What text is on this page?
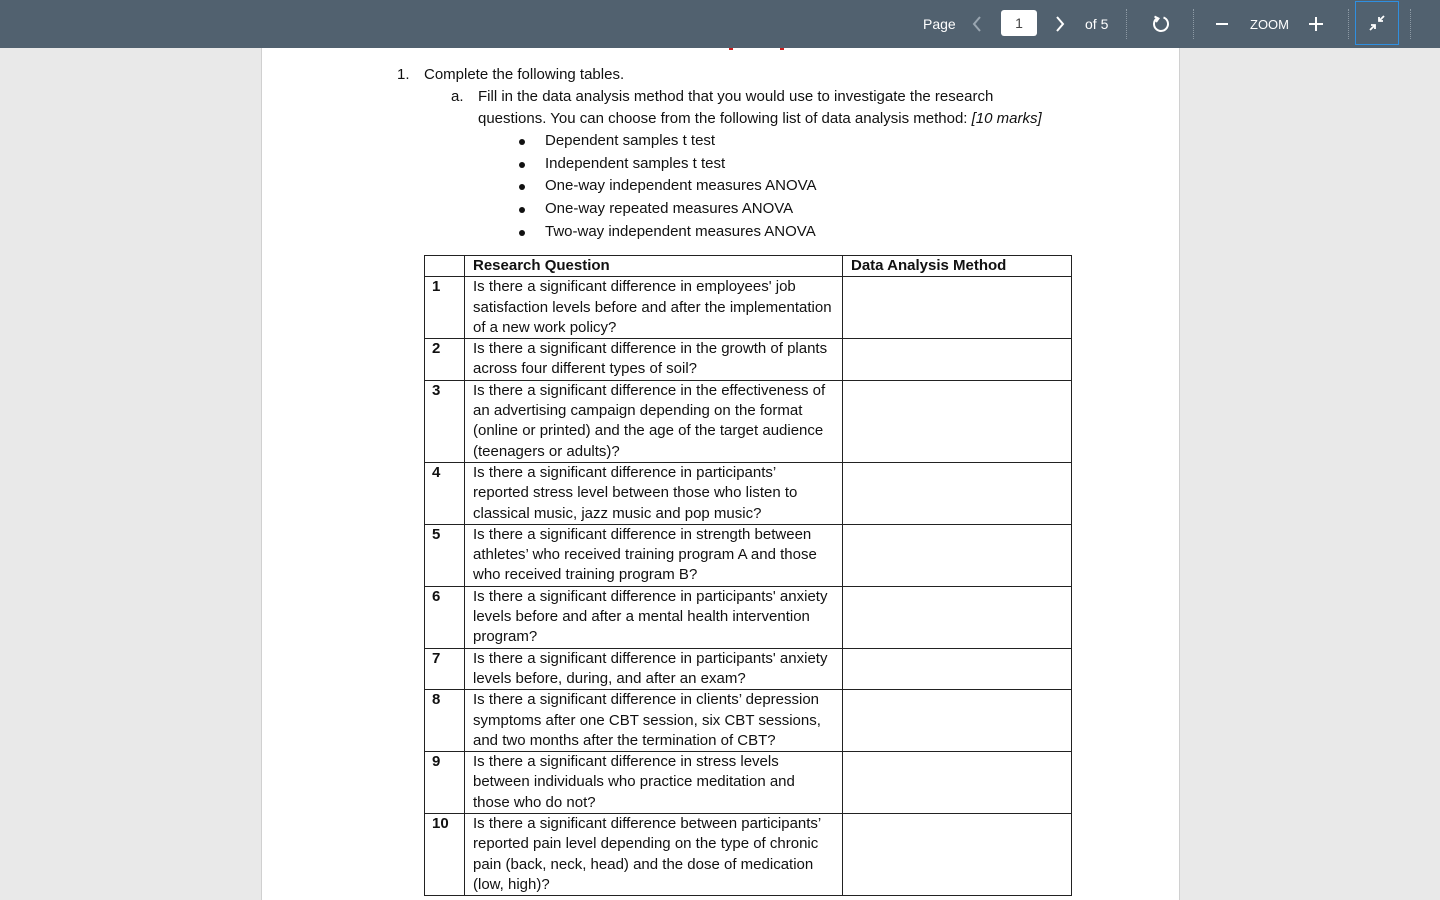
Page
1	of 5	ZOOM
1. Complete the following tables.
a. Fill in the data analysis method that you would use to investigate the research
questions. You can choose from the following list of data analysis method: [10 marks]
Dependent samples t test
Independent samples t test
One-way independent measures ANOVA
One-way repeated measures ANOVA
Two-way independent measures ANOVA
	Research Question	Data Analysis Method
1	Is there a significant difference in employees' job satisfaction levels before and after the implementation of a new work policy?	
2	Is there a significant difference in the growth of plants across four different types of soil?	
3	Is there a significant difference in the effectiveness of an advertising campaign depending on the format (online or printed) and the age of the target audience (teenagers or adults)?	
4	Is there a significant difference in participants’ reported stress level between those who listen to classical music, jazz music and pop music?	
5	Is there a significant difference in strength between athletes’ who received training program A and those who received training program B?	
6	Is there a significant difference in participants' anxiety levels before and after a mental health intervention program?	
7	Is there a significant difference in participants' anxiety levels before, during, and after an exam?	
8	Is there a significant difference in clients’ depression symptoms after one CBT session, six CBT sessions, and two months after the termination of CBT?	
9	Is there a significant difference in stress levels between individuals who practice meditation and those who do not?	
10	Is there a significant difference between participants’ reported pain level depending on the type of chronic pain (back, neck, head) and the dose of medication (low, high)?	
